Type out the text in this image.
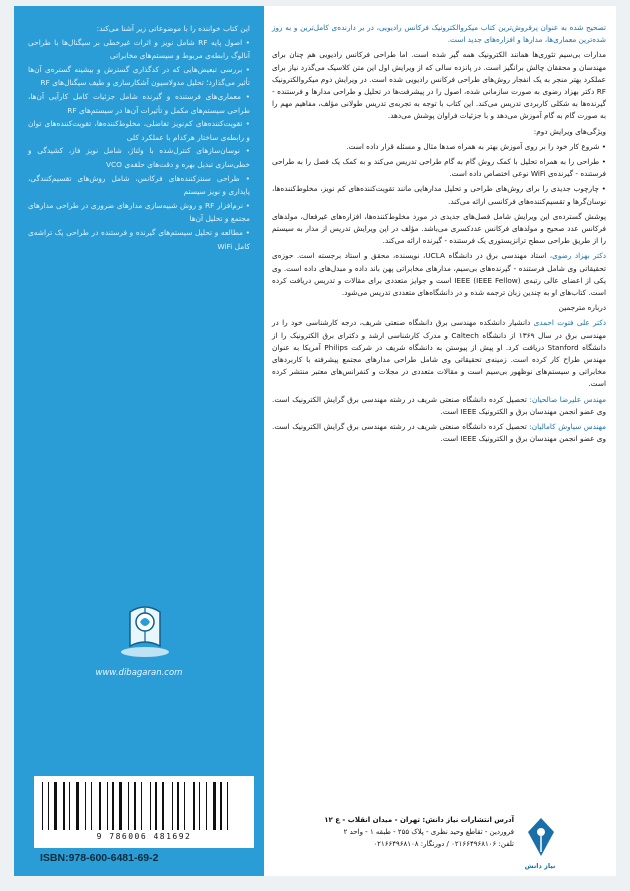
این کتاب خواننده را با موضوعاتی زیر آشنا می‌کند:

• اصول پایه RF شامل نویز و اثرات غیرخطی بر سیگنال‌ها با طراحی آنالوگ رابطه‌ی مربوط و سیستم‌های مخابراتی

• بررسی تبعیض‌هایی که در کدگذاری گسترش و بیشینه گستره‌ی آن‌ها تأثیر می‌گذارد؛ تحلیل مدولاسیون آشکارسازی و طیف سیگنال‌های RF

• معماری‌های فرستنده و گیرنده شامل جزئیات کامل کارآیی آن‌ها، طراحی سیستم‌های مکمل و تأثیرات آن‌ها در سیستم‌های RF

• تقویت‌کننده‌های کم‌نویز تفاضلی، مخلوط‌کننده‌ها، تقویت‌کننده‌های توان و رابطه‌ی ساختار هرکدام با عملکرد کلی

• نوسان‌سازهای کنترل‌شده با ولتاژ، شامل نویز فاز، کشیدگی و خطی‌سازی تبدیل بهره و دقت‌های حلقه‌ی VCO

• طراحی سنتزکننده‌های فرکانس، شامل روش‌های تقسیم‌کنندگی، پایداری و نویز سیستم

• نرم‌افزار RF و روش شبیه‌سازی مدارهای ضروری در طراحی مدارهای مجتمع و تحلیل آن‌ها

• مطالعه و تحلیل سیستم‌های گیرنده و فرستنده در طراحی یک تراشه‌ی کامل WiFi

www.dibagaran.com
9 786006 481692
ISBN:978-600-6481-69-2

تصحیح شده به عنوان پرفروش‌ترین کتاب میکروالکترونیک فرکانس رادیویی، در بر دارنده‌ی کامل‌ترین و به روز شده‌ترین معماری‌ها، مدارها و افزاره‌های جدید است.

مدارات بی‌سیم تئوری‌ها همانند الکترونیک همه گیر شده است. اما طراحی فرکانس رادیویی هم چنان برای مهندسان و محققان چالش برانگیز است. در پانزده سالی که از ویرایش اول این متن کلاسیک می‌گذرد نیاز برای عملکرد بهتر منجر به یک انفجار روش‌های طراحی فرکانس رادیویی شده است. در ویرایش دوم میکروالکترونیک RF دکتر بهزاد رضوی به صورت سازمانی شده، اصول را در پیشرفت‌ها در تحلیل و طراحی مدارها و فرستنده - گیرنده‌ها به شکلی کاربردی تدریس می‌کند. این کتاب با توجه به تجربه‌ی تدریس طولانی مؤلف، مفاهیم مهم را به صورت گام به گام آموزش می‌دهد و با جزئیات فراوان پوشش می‌دهد.

ویژگی‌های ویرایش دوم:

• شروع کار خود را بر روی آموزش بهتر به همراه صدها مثال و مسئله قرار داده است.

• طراحی را به همراه تحلیل با کمک روش گام به گام طراحی تدریس می‌کند و به کمک یک فصل را به طراحی فرستنده - گیرنده‌ی WiFi نوعی اختصاص داده است.

• چارچوب جدیدی را برای روش‌های طراحی و تحلیل مدارهایی مانند تقویت‌کننده‌های کم نویز، مخلوط‌کننده‌ها، نوسان‌گرها و تقسیم‌کننده‌های فرکانسی ارائه می‌کند.

پوشش گسترده‌ی این ویرایش شامل فصل‌های جدیدی در مورد مخلوط‌کننده‌ها، افزاره‌های غیرفعال، مولدهای فرکانس عدد صحیح و مولدهای فرکانس عددکسری می‌باشد. مؤلف در این ویرایش تدریس از مدار به سیستم را از طریق طراحی سطح ترانزیستوری یک فرستنده - گیرنده ارائه می‌کند.

دکتر بهزاد رضوی، استاد مهندسی برق در دانشگاه UCLA، نویسنده، محقق و استاد برجسته است. حوزه‌ی تحقیقاتی وی شامل فرستنده - گیرنده‌های بی‌سیم، مدارهای مخابراتی پهن باند داده و مبدل‌های داده است. وی یکی از اعضای عالی رتبه‌ی IEEE (IEEE Fellow) است و جوایز متعددی برای مقالات و تدریس دریافت کرده است. کتاب‌های او به چندین زبان ترجمه شده و در دانشگاه‌های متعددی تدریس می‌شود.

درباره مترجمین

دکتر علی فتوت احمدی دانشیار دانشکده مهندسی برق دانشگاه صنعتی شریف، درجه کارشناسی خود را در مهندسی برق در سال ۱۳۶۹ از دانشگاه Caltech و مدرک کارشناسی ارشد و دکترای برق الکترونیک را از دانشگاه Stanford دریافت کرد. او پیش از پیوستن به دانشگاه شریف در شرکت Philips آمریکا به عنوان مهندس طراح کار کرده است. زمینه‌ی تحقیقاتی وی شامل طراحی مدارهای مجتمع پیشرفته با کاربردهای مخابراتی و سیستم‌های نوظهور بی‌سیم است و مقالات متعددی در مجلات و کنفرانس‌های معتبر منتشر کرده است.

مهندس علیرضا صالحیان: تحصیل کرده دانشگاه صنعتی شریف در رشته مهندسی برق گرایش الکترونیک است. وی عضو انجمن مهندسان برق و الکترونیک IEEE است.

مهندس سیاوش کامالیان: تحصیل کرده دانشگاه صنعتی شریف در رشته مهندسی برق گرایش الکترونیک است. وی عضو انجمن مهندسان برق و الکترونیک IEEE است.

آدرس انتشارات نیاز دانش: تهران - میدان انقلاب - ع ۱۲
فروردین - تقاطع وحید نظری - پلاک ۲۵۵ - طبقه ۱ - واحد ۲
تلفن: ۰۲۱۶۶۴۹۶۸۱۰۶ / دورنگار: ۰۲۱۶۶۴۹۶۸۱۰۸
نیاز دانش
